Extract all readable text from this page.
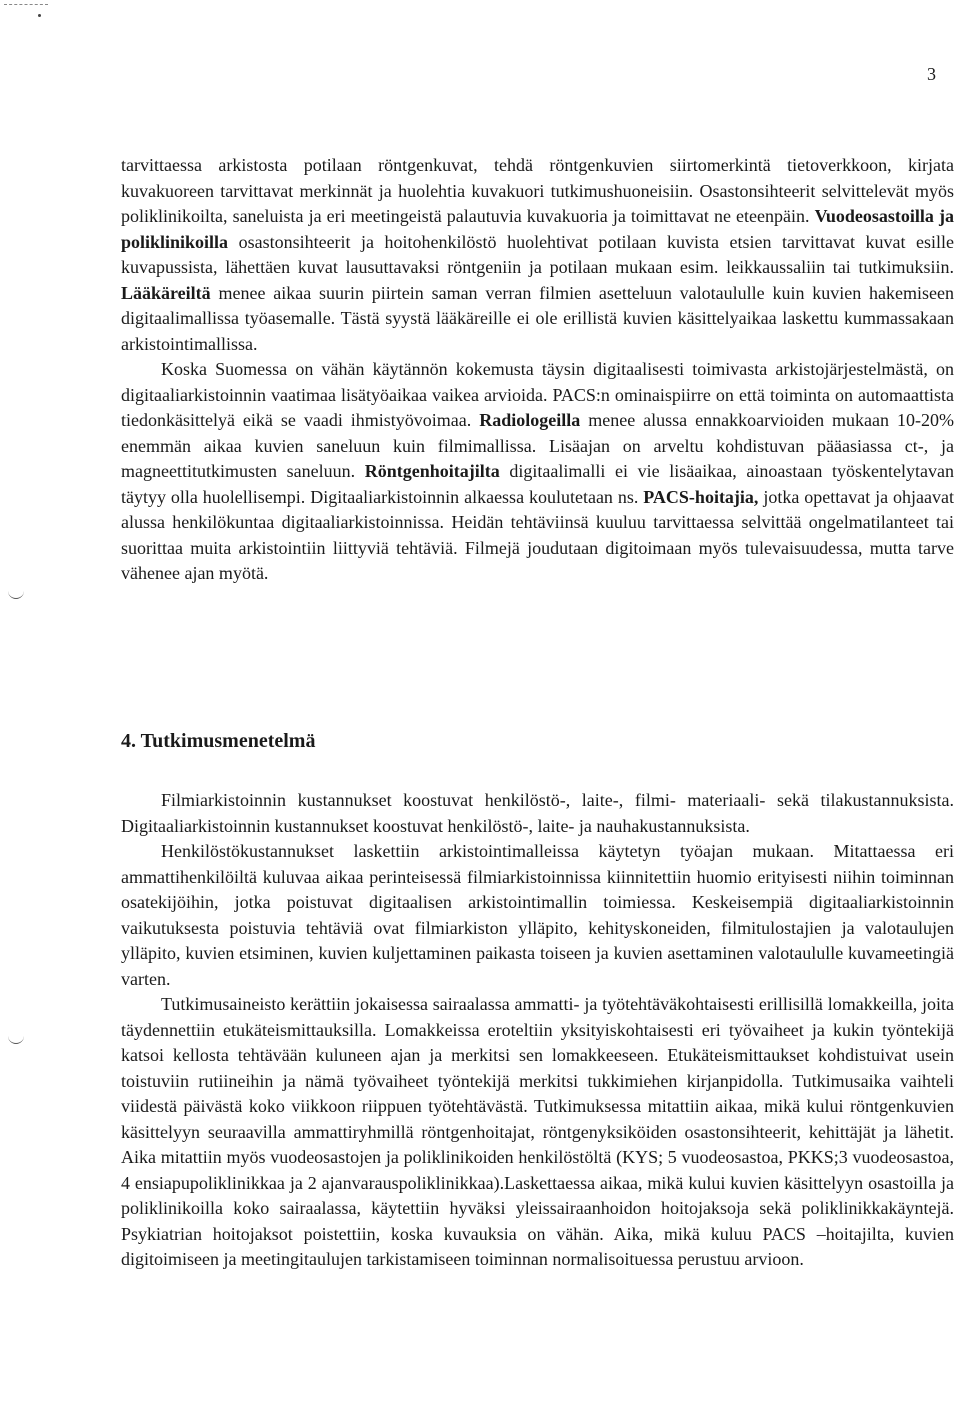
3

tarvittaessa arkistosta potilaan röntgenkuvat, tehdä röntgenkuvien siirtomerkintä tietoverkkoon, kirjata kuvakuoreen tarvittavat merkinnät ja huolehtia kuvakuori tutkimushuoneisiin. Osastonsihteerit selvittelevät myös poliklinikoilta, saneluista ja eri meetingeistä palautuvia kuvakuoria ja toimittavat ne eteenpäin. Vuodeosastoilla ja poliklinikoilla osastonsihteerit ja hoitohenkilöstö huolehtivat potilaan kuvista etsien tarvittavat kuvat esille kuvapussista, lähettäen kuvat lausuttavaksi röntgeniin ja potilaan mukaan esim. leikkaussaliin tai tutkimuksiin. Lääkäreiltä menee aikaa suurin piirtein saman verran filmien asetteluun valotaululle kuin kuvien hakemiseen digitaalimallissa työasemalle. Tästä syystä lääkäreille ei ole erillistä kuvien käsittelyaikaa laskettu kummassakaan arkistointimallissa.

Koska Suomessa on vähän käytännön kokemusta täysin digitaalisesti toimivasta arkistojärjestelmästä, on digitaaliarkistoinnin vaatimaa lisätyöaikaa vaikea arvioida. PACS:n ominaispiirre on että toiminta on automaattista tiedonkäsittelyä eikä se vaadi ihmistyövoimaa. Radiologeilla menee alussa ennakkoarvioiden mukaan 10-20% enemmän aikaa kuvien saneluun kuin filmimallissa. Lisäajan on arveltu kohdistuvan pääasiassa ct-, ja magneettitutkimusten saneluun. Röntgenhoitajilta digitaalimalli ei vie lisäaikaa, ainoastaan työskentelytavan täytyy olla huolellisempi. Digitaaliarkistoinnin alkaessa koulutetaan ns. PACS-hoitajia, jotka opettavat ja ohjaavat alussa henkilökuntaa digitaaliarkistoinnissa. Heidän tehtäviinsä kuuluu tarvittaessa selvittää ongelmatilanteet tai suorittaa muita arkistointiin liittyviä tehtäviä. Filmejä joudutaan digitoimaan myös tulevaisuudessa, mutta tarve vähenee ajan myötä.

4. Tutkimusmenetelmä

Filmiarkistoinnin kustannukset koostuvat henkilöstö-, laite-, filmi- materiaali- sekä tilakustannuksista. Digitaaliarkistoinnin kustannukset koostuvat henkilöstö-, laite- ja nauhakustannuksista.

Henkilöstökustannukset laskettiin arkistointimalleissa käytetyn työajan mukaan. Mitattaessa eri ammattihenkilöiltä kuluvaa aikaa perinteisessä filmiarkistoinnissa kiinnitettiin huomio erityisesti niihin toiminnan osatekijöihin, jotka poistuvat digitaalisen arkistointimallin toimiessa. Keskeisempiä digitaaliarkistoinnin vaikutuksesta poistuvia tehtäviä ovat filmiarkiston ylläpito, kehityskoneiden, filmitulostajien ja valotaulujen ylläpito, kuvien etsiminen, kuvien kuljettaminen paikasta toiseen ja kuvien asettaminen valotaululle kuvameetingiä varten.

Tutkimusaineisto kerättiin jokaisessa sairaalassa ammatti- ja työtehtäväkohtaisesti erillisillä lomakkeilla, joita täydennettiin etukäteismittauksilla. Lomakkeissa eroteltiin yksityiskohtaisesti eri työvaiheet ja kukin työntekijä katsoi kellosta tehtävään kuluneen ajan ja merkitsi sen lomakkeeseen. Etukäteismittaukset kohdistuivat usein toistuviin rutiineihin ja nämä työvaiheet työntekijä merkitsi tukkimiehen kirjanpidolla. Tutkimusaika vaihteli viidestä päivästä koko viikkoon riippuen työtehtävästä. Tutkimuksessa mitattiin aikaa, mikä kului röntgenkuvien käsittelyyn seuraavilla ammattiryhmillä röntgenhoitajat, röntgenyksiköiden osastonsihteerit, kehittäjät ja lähetit. Aika mitattiin myös vuodeosastojen ja poliklinikoiden henkilöstöltä (KYS; 5 vuodeosastoa, PKKS;3 vuodeosastoa, 4 ensiapupoliklinikkaa ja 2 ajanvarauspoliklinikkaa).Laskettaessa aikaa, mikä kului kuvien käsittelyyn osastoilla ja poliklinikoilla koko sairaalassa, käytettiin hyväksi yleissairaanhoidon hoitojaksoja sekä poliklinikkakäyntejä. Psykiatrian hoitojaksot poistettiin, koska kuvauksia on vähän. Aika, mikä kuluu PACS –hoitajilta, kuvien digitoimiseen ja meetingitaulujen tarkistamiseen toiminnan normalisoituessa perustuu arvioon.
